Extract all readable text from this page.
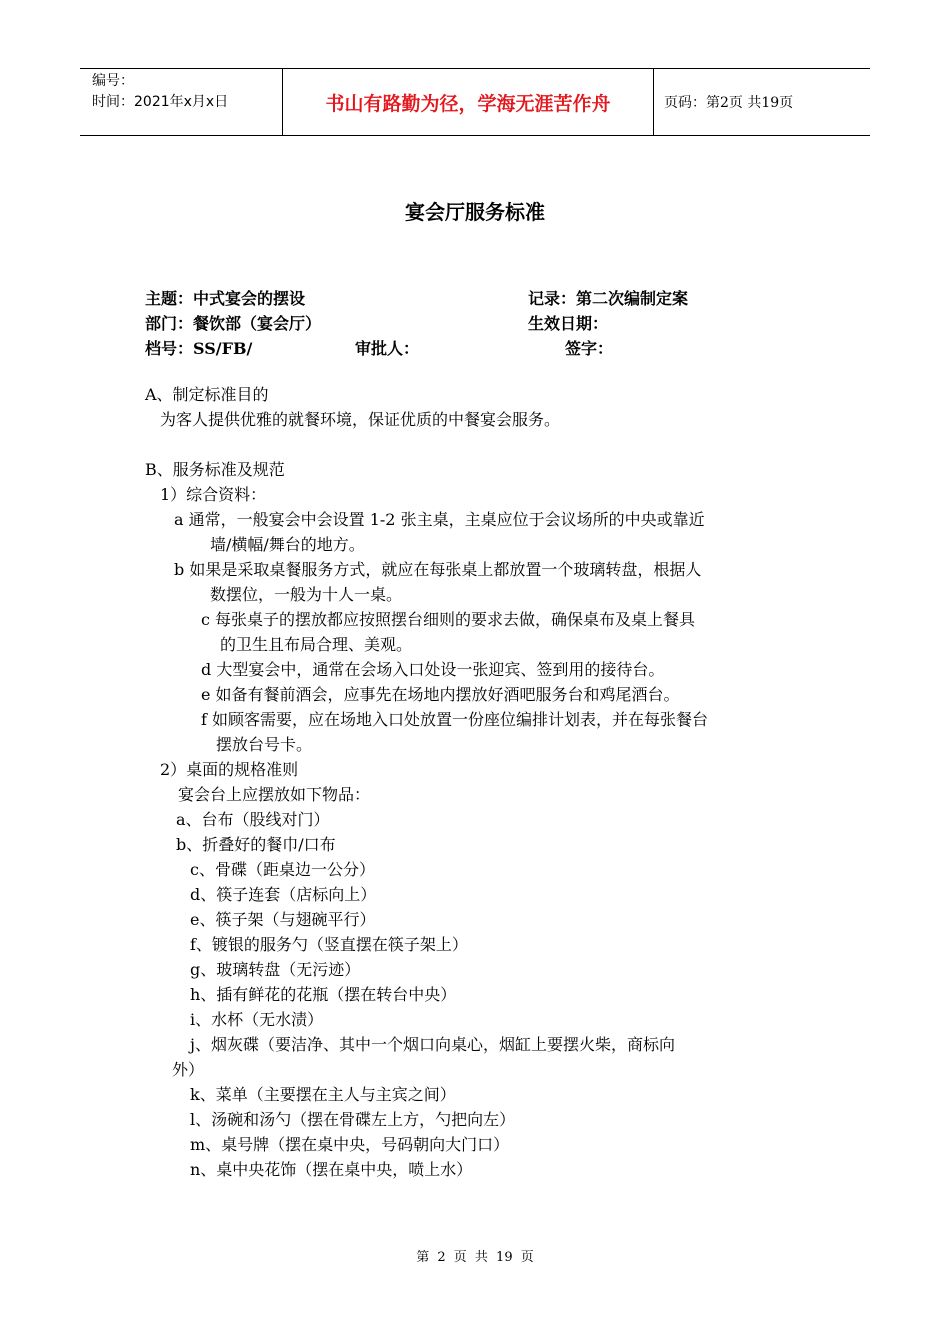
编号：
时间：2021年x月x日	书山有路勤为径，学海无涯苦作舟	页码：第2页 共19页
宴会厅服务标准
主题：中式宴会的摆设	记录：第二次编制定案
部门：餐饮部（宴会厅）	生效日期：
档号：SS/FB/	审批人：	签字：
A、制定标准目的
为客人提供优雅的就餐环境，保证优质的中餐宴会服务。
B、服务标准及规范
1）综合资料：
a 通常，一般宴会中会设置 1-2 张主桌，主桌应位于会议场所的中央或靠近
墙/横幅/舞台的地方。
b 如果是采取桌餐服务方式，就应在每张桌上都放置一个玻璃转盘，根据人
数摆位，一般为十人一桌。
c 每张桌子的摆放都应按照摆台细则的要求去做，确保桌布及桌上餐具
的卫生且布局合理、美观。
d 大型宴会中，通常在会场入口处设一张迎宾、签到用的接待台。
e 如备有餐前酒会，应事先在场地内摆放好酒吧服务台和鸡尾酒台。
f 如顾客需要，应在场地入口处放置一份座位编排计划表，并在每张餐台
摆放台号卡。
2）桌面的规格准则
宴会台上应摆放如下物品：
a、台布（股线对门）
b、折叠好的餐巾/口布
c、骨碟（距桌边一公分）
d、筷子连套（店标向上）
e、筷子架（与翅碗平行）
f、镀银的服务勺（竖直摆在筷子架上）
g、玻璃转盘（无污迹）
h、插有鲜花的花瓶（摆在转台中央）
i、水杯（无水渍）
j、烟灰碟（要洁净、其中一个烟口向桌心，烟缸上要摆火柴，商标向
外）
k、菜单（主要摆在主人与主宾之间）
l、汤碗和汤勺（摆在骨碟左上方，勺把向左）
m、桌号牌（摆在桌中央，号码朝向大门口）
n、桌中央花饰（摆在桌中央，喷上水）
第 2 页 共 19 页
